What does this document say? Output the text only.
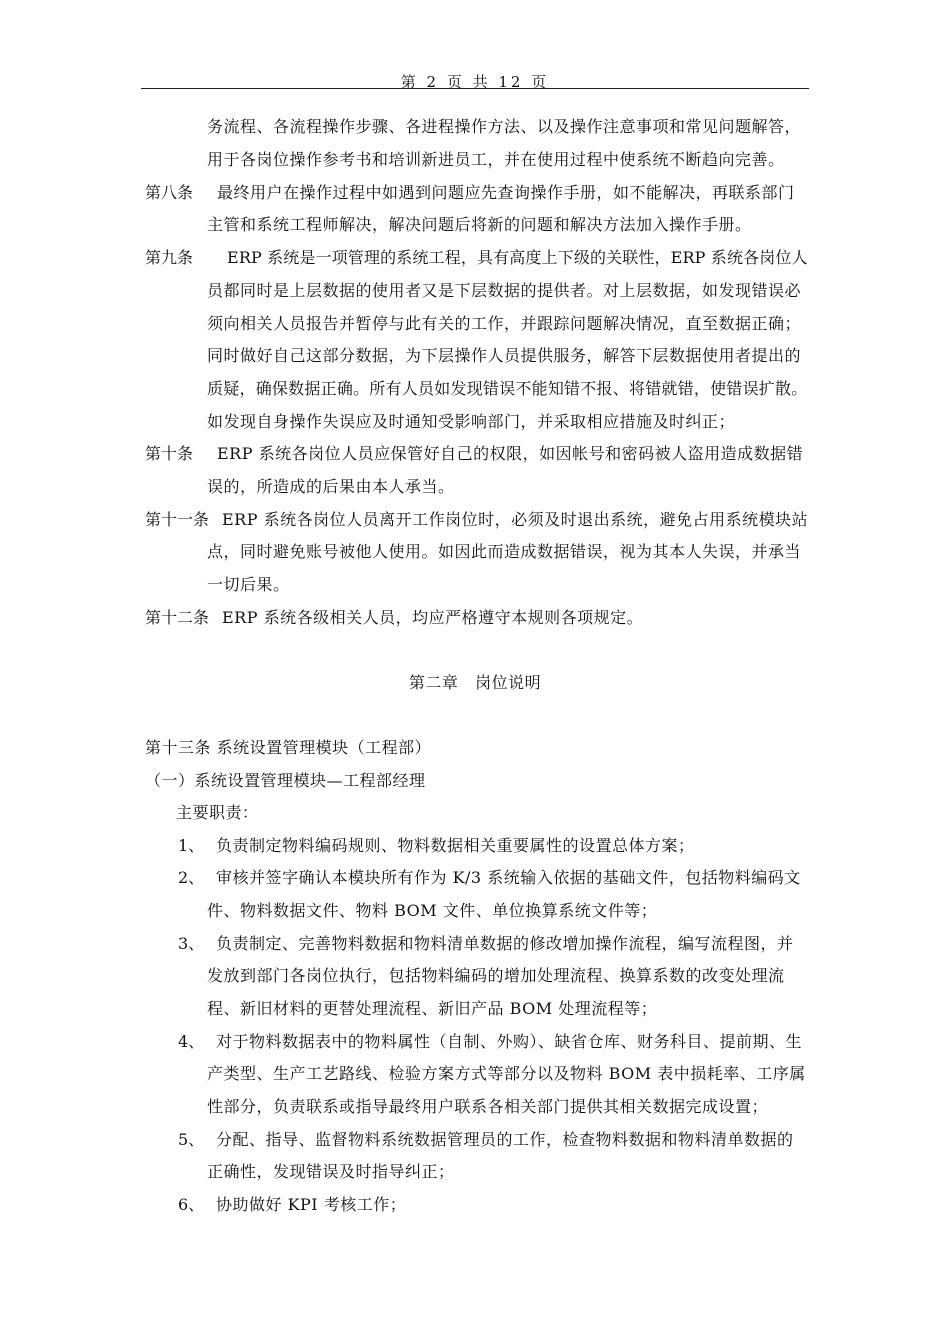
第 2 页 共 12 页
务流程、各流程操作步骤、各进程操作方法、以及操作注意事项和常见问题解答，
用于各岗位操作参考书和培训新进员工，并在使用过程中使系统不断趋向完善。
第八条 最终用户在操作过程中如遇到问题应先查询操作手册，如不能解决，再联系部门
主管和系统工程师解决，解决问题后将新的问题和解决方法加入操作手册。
第九条 ERP 系统是一项管理的系统工程，具有高度上下级的关联性，ERP 系统各岗位人
员都同时是上层数据的使用者又是下层数据的提供者。对上层数据，如发现错误必
须向相关人员报告并暂停与此有关的工作，并跟踪问题解决情况，直至数据正确；
同时做好自己这部分数据，为下层操作人员提供服务，解答下层数据使用者提出的
质疑，确保数据正确。所有人员如发现错误不能知错不报、将错就错，使错误扩散。
如发现自身操作失误应及时通知受影响部门，并采取相应措施及时纠正；
第十条 ERP 系统各岗位人员应保管好自己的权限，如因帐号和密码被人盗用造成数据错
误的，所造成的后果由本人承当。
第十一条 ERP 系统各岗位人员离开工作岗位时，必须及时退出系统，避免占用系统模块站
点，同时避免账号被他人使用。如因此而造成数据错误，视为其本人失误，并承当
一切后果。
第十二条 ERP 系统各级相关人员，均应严格遵守本规则各项规定。
第二章   岗位说明
第十三条 系统设置管理模块（工程部）
（一）系统设置管理模块—工程部经理
主要职责：
1、 负责制定物料编码规则、物料数据相关重要属性的设置总体方案；
2、 审核并签字确认本模块所有作为 K/3 系统输入依据的基础文件，包括物料编码文
件、物料数据文件、物料 BOM 文件、单位换算系统文件等；
3、 负责制定、完善物料数据和物料清单数据的修改增加操作流程，编写流程图，并
发放到部门各岗位执行，包括物料编码的增加处理流程、换算系数的改变处理流
程、新旧材料的更替处理流程、新旧产品 BOM 处理流程等；
4、 对于物料数据表中的物料属性（自制、外购）、缺省仓库、财务科目、提前期、生
产类型、生产工艺路线、检验方案方式等部分以及物料 BOM 表中损耗率、工序属
性部分，负责联系或指导最终用户联系各相关部门提供其相关数据完成设置；
5、 分配、指导、监督物料系统数据管理员的工作，检查物料数据和物料清单数据的
正确性，发现错误及时指导纠正；
6、 协助做好 KPI 考核工作；
